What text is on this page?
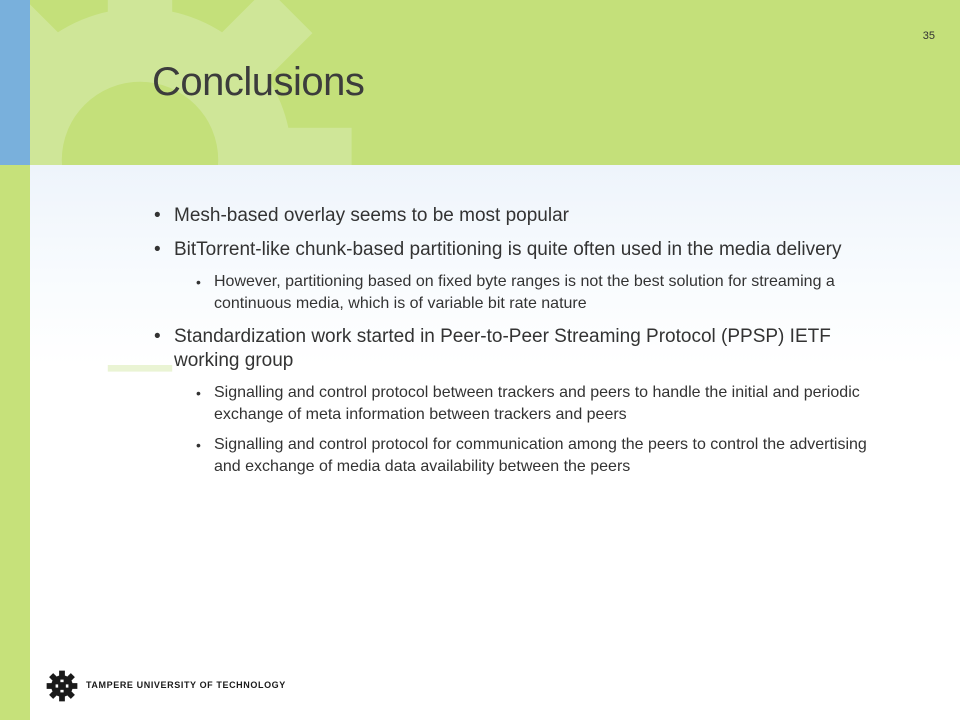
35
Conclusions
• Mesh-based overlay seems to be most popular
• BitTorrent-like chunk-based partitioning is quite often used in the media delivery
• However, partitioning based on fixed byte ranges is not the best solution for streaming a continuous media, which is of variable bit rate nature
• Standardization work started in Peer-to-Peer Streaming Protocol (PPSP) IETF working group
• Signalling and control protocol between trackers and peers to handle the initial and periodic exchange of meta information between trackers and peers
• Signalling and control protocol for communication among the peers to control the advertising and exchange of media data availability between the peers
TAMPERE UNIVERSITY OF TECHNOLOGY
